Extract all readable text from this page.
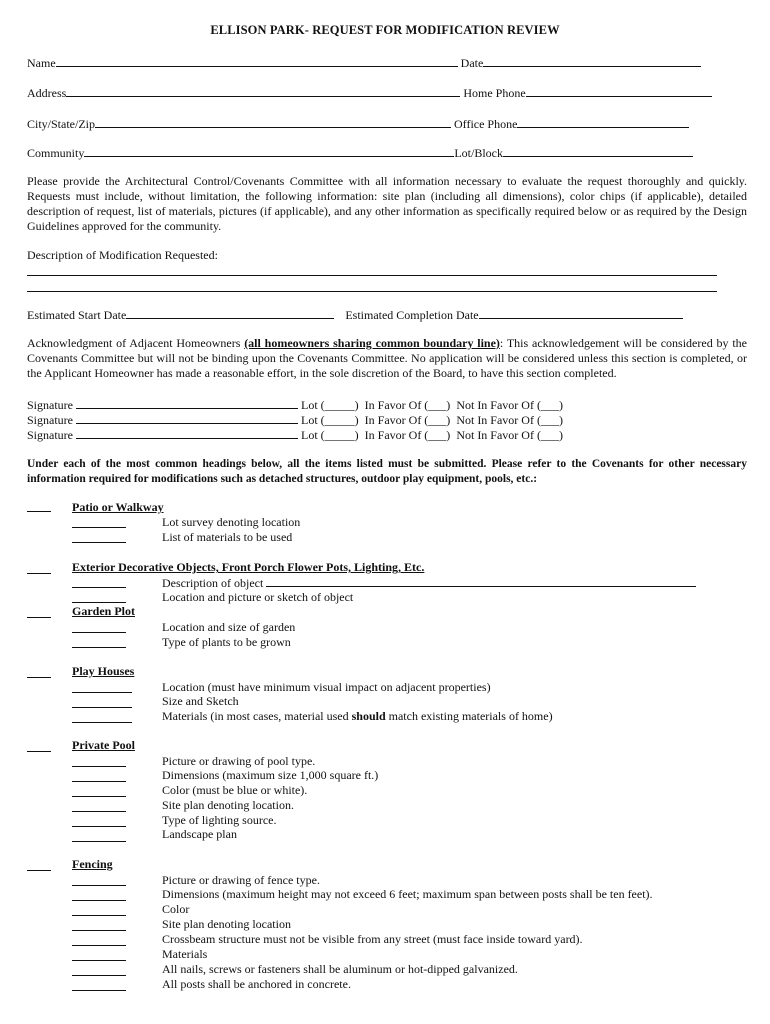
ELLISON PARK- REQUEST FOR MODIFICATION REVIEW
Name	Date
Address	Home Phone
City/State/Zip	Office Phone
Community	Lot/Block
Please provide the Architectural Control/Covenants Committee with all information necessary to evaluate the request thoroughly and quickly. Requests must include, without limitation, the following information: site plan (including all dimensions), color chips (if applicable), detailed description of request, list of materials, pictures (if applicable), and any other information as specifically required below or as required by the Design Guidelines approved for the community.
Description of Modification Requested:
Estimated Start Date	Estimated Completion Date
Acknowledgment of Adjacent Homeowners (all homeowners sharing common boundary line): This acknowledgement will be considered by the Covenants Committee but will not be binding upon the Covenants Committee. No application will be considered unless this section is completed, or the Applicant Homeowner has made a reasonable effort, in the sole discretion of the Board, to have this section completed.
Signature	Lot (_____) In Favor Of (___) Not In Favor Of (___)
Signature	Lot (_____) In Favor Of (___) Not In Favor Of (___)
Signature	Lot (_____) In Favor Of (___) Not In Favor Of (___)
Under each of the most common headings below, all the items listed must be submitted. Please refer to the Covenants for other necessary information required for modifications such as detached structures, outdoor play equipment, pools, etc.:
Patio or Walkway
Lot survey denoting location
List of materials to be used
Exterior Decorative Objects, Front Porch Flower Pots, Lighting, Etc.
Description of object
Location and picture or sketch of object
Garden Plot
Location and size of garden
Type of plants to be grown
Play Houses
Location (must have minimum visual impact on adjacent properties)
Size and Sketch
Materials (in most cases, material used should match existing materials of home)
Private Pool
Picture or drawing of pool type.
Dimensions (maximum size 1,000 square ft.)
Color (must be blue or white).
Site plan denoting location.
Type of lighting source.
Landscape plan
Fencing
Picture or drawing of fence type.
Dimensions (maximum height may not exceed 6 feet; maximum span between posts shall be ten feet).
Color
Site plan denoting location
Crossbeam structure must not be visible from any street (must face inside toward yard).
Materials
All nails, screws or fasteners shall be aluminum or hot-dipped galvanized.
All posts shall be anchored in concrete.
